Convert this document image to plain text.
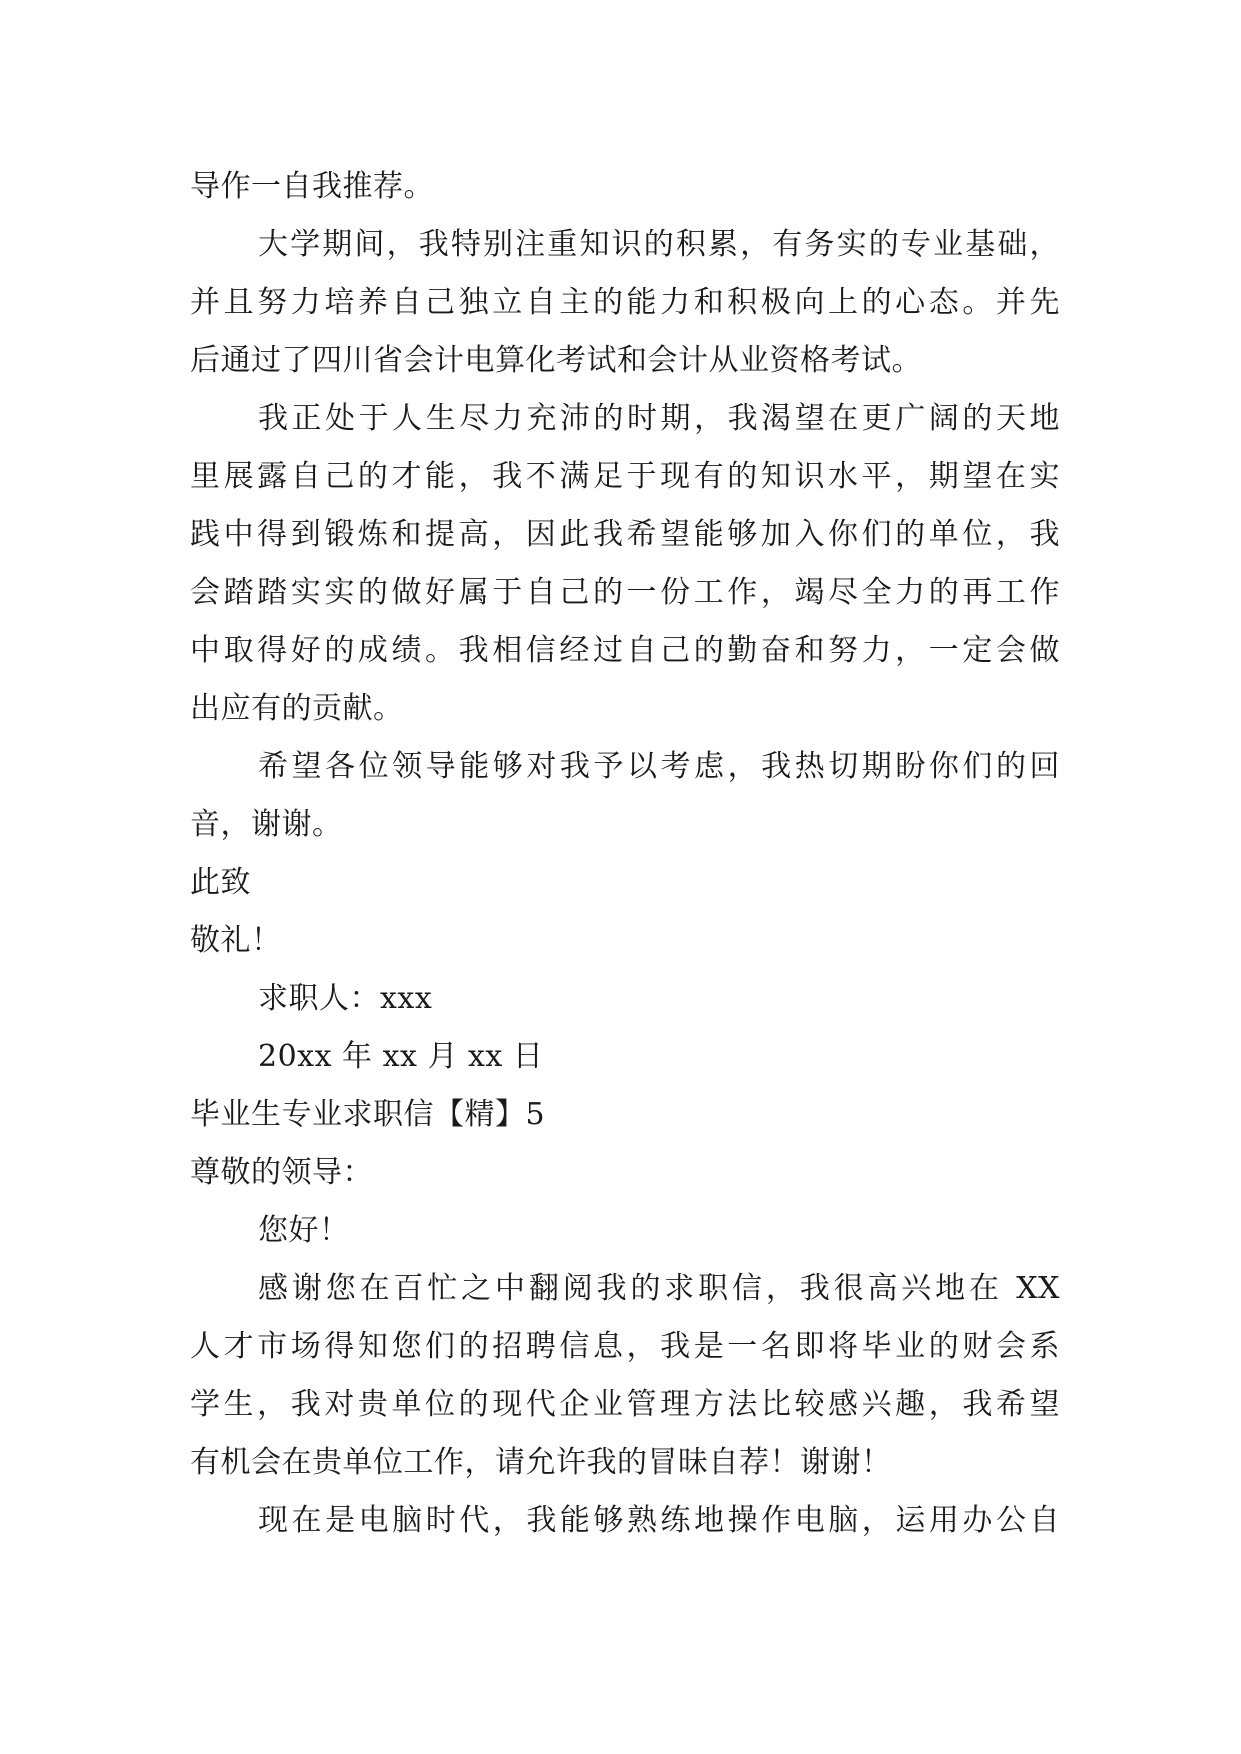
导作一自我推荐。
大学期间，我特别注重知识的积累，有务实的专业基础，
并且努力培养自己独立自主的能力和积极向上的心态。并先
后通过了四川省会计电算化考试和会计从业资格考试。
我正处于人生尽力充沛的时期，我渴望在更广阔的天地
里展露自己的才能，我不满足于现有的知识水平，期望在实
践中得到锻炼和提高，因此我希望能够加入你们的单位，我
会踏踏实实的做好属于自己的一份工作，竭尽全力的再工作
中取得好的成绩。我相信经过自己的勤奋和努力，一定会做
出应有的贡献。
希望各位领导能够对我予以考虑，我热切期盼你们的回
音，谢谢。
此致
敬礼！
求职人：xxx
20xx 年 xx 月 xx 日
毕业生专业求职信【精】5
尊敬的领导：
您好！
感谢您在百忙之中翻阅我的求职信，我很高兴地在 XX
人才市场得知您们的招聘信息，我是一名即将毕业的财会系
学生，我对贵单位的现代企业管理方法比较感兴趣，我希望
有机会在贵单位工作，请允许我的冒昧自荐！谢谢！
现在是电脑时代，我能够熟练地操作电脑，运用办公自
